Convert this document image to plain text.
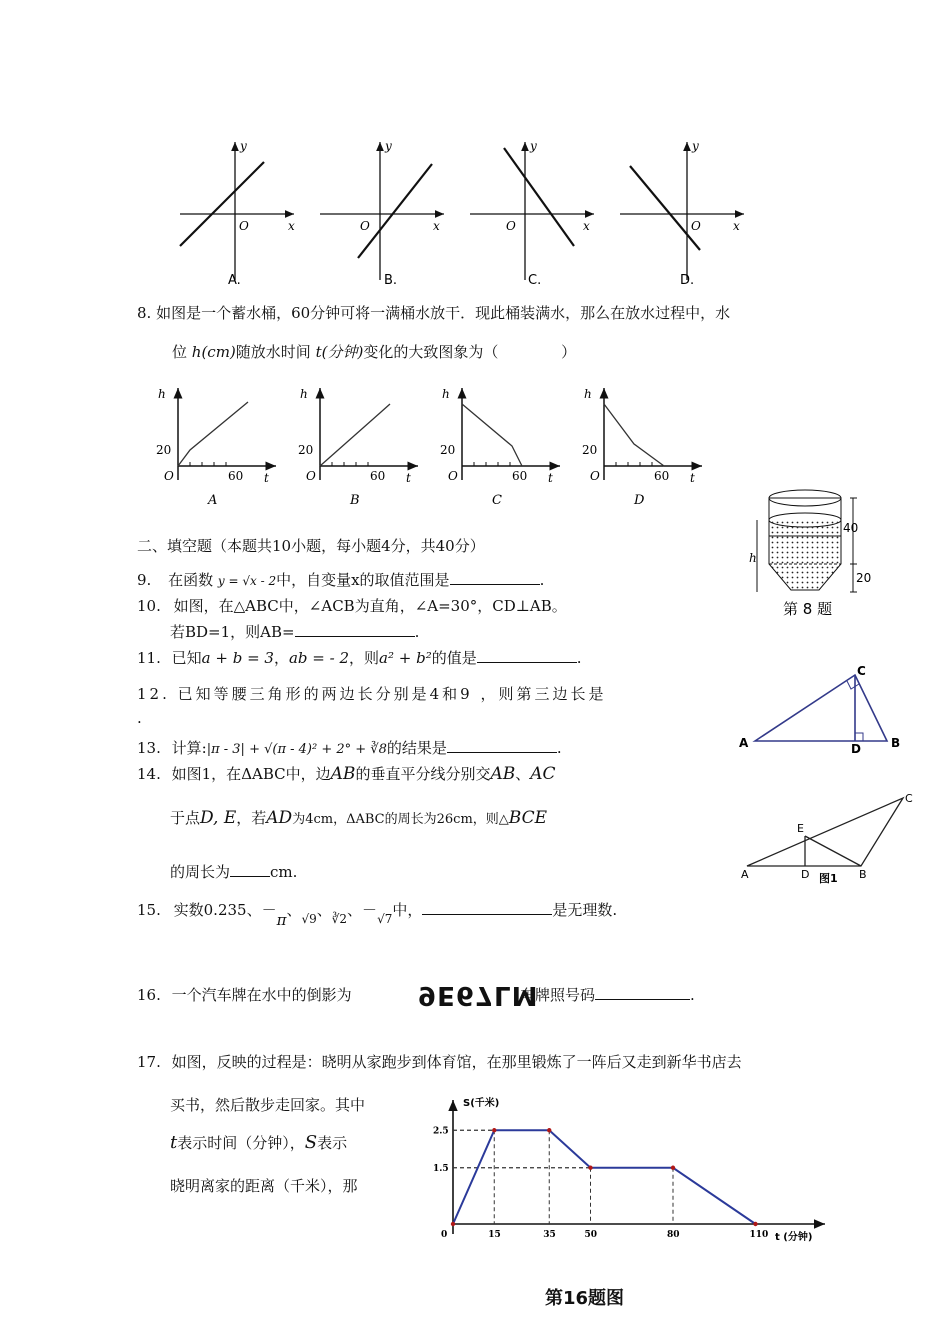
y
x
O
A.
y
x
O
B.
y
x
O
C.
y
x
O
D.
8. 如图是一个蓄水桶，60分钟可将一满桶水放干．现此桶装满水，那么在放水过程中，水
位 h(cm)随放水时间 t(分钟)变化的大致图象为（	）
h
20
O	60 t
A
h
20
O	60 t
B
h
20
O	60 t
C
h
20
O	60 t
D
40
20
h
第 8 题
二、填空题（本题共10小题，每小题4分，共40分）
9. 在函数 y = √x - 2中，自变量x的取值范围是	.
10. 如图，在△ABC中，∠ACB为直角，∠A=30°，CD⊥AB。
若BD=1，则AB=	.
A	D	B
C
11. 已知a + b = 3，ab = - 2，则a² + b²的值是	.
12. 已知等腰三角形的两边长分别是4和9 ，则第三边长是
.
13. 计算:|π - 3| + √(π - 4)² + 2° + ∛8的结果是	.
14. 如图1，在ΔABC中，边AB的垂直平分线分别交AB、AC
于点D, E，若AD为4cm，ΔABC的周长为26cm，则△BCE
的周长为	cm.	A	D	B
C
E
图1
15. 实数0.235、－π、$_{√9}$、$_{∛2}$、$-_{√7}$中，	是无理数.
16. 一个汽车牌在水中的倒影为	9E67LM
车牌照号码	.
17. 如图，反映的过程是：晓明从家跑步到体育馆，在那里锻炼了一阵后又走到新华书店去
买书，然后散步走回家。其中
t表示时间（分钟），S表示
晓明离家的距离（千米），那
S(千米)
t (分钟)
0	15	35	50	80	110
1.5
2.5
第16题图
